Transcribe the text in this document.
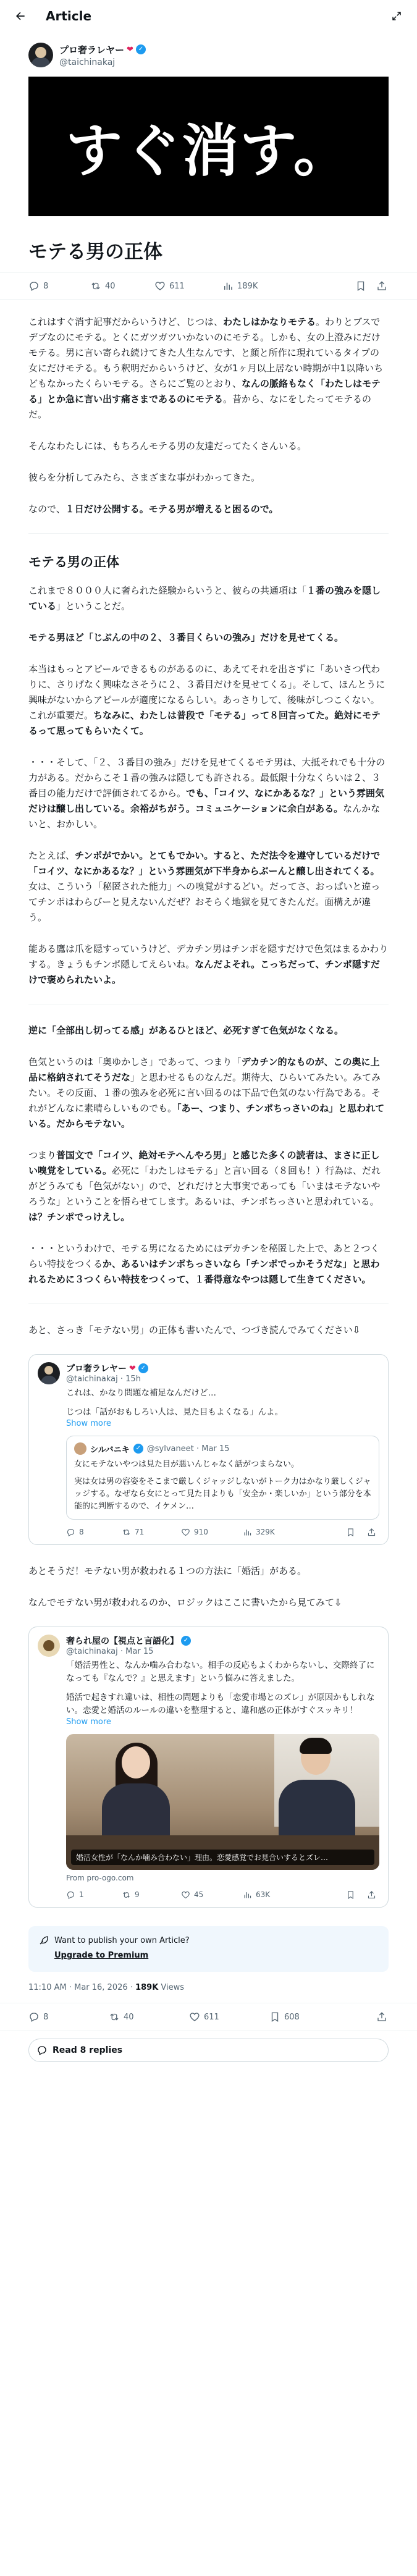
Article
プロ奢ラレヤー ❤ ✓
@taichinakaj
すぐ消す。
モテる男の正体
8	40	611	189K

これはすぐ消す記事だからいうけど、じつは、わたしはかなりモテる。わりとブスでデブなのにモテる。とくにガツガツいかないのにモテる。しかも、女の上澄みにだけモテる。男に言い寄られ続けてきた人生なんです、と顔と所作に現れているタイプの女にだけモテる。もう釈明だからいうけど、女が1ヶ月以上居ない時期が中1以降いちどもなかったくらいモテる。さらにご覧のとおり、なんの脈絡もなく「わたしはモテる」とか急に言い出す痛さまであるのにモテる。昔から、なにをしたってモテるのだ。

そんなわたしには、もちろんモテる男の友達だってたくさんいる。

彼らを分析してみたら、さまざまな事がわかってきた。

なので、１日だけ公開する。モテる男が増えると困るので。

モテる男の正体

これまで８０００人に奢られた経験からいうと、彼らの共通項は「１番の強みを隠している」ということだ。

モテる男ほど「じぶんの中の２、３番目くらいの強み」だけを見せてくる。

本当はもっとアピールできるものがあるのに、あえてそれを出さずに「あいさつ代わりに、さりげなく興味なさそうに２、３番目だけを見せてくる」。そして、ほんとうに興味がないからアピールが適度になるらしい。あっさりして、後味がしつこくない。これが重要だ。ちなみに、わたしは普段で「モテる」って８回言ってた。絶対にモテるって思ってもらいたくて。

・・・そして、「２、３番目の強み」だけを見せてくるモテ男は、大抵それでも十分の力がある。だからこそ１番の強みは隠しても許される。最低限十分なくらいは２、３番目の能力だけで評価されてるから。でも、「コイツ、なにかあるな？」という雰囲気だけは醸し出している。余裕がちがう。コミュニケーションに余白がある。なんかないと、おかしい。

たとえば、チンポがでかい。とてもでかい。すると、ただ法令を遵守しているだけで「コイツ、なにかあるな？」という雰囲気が下半身からぶーんと醸し出されてくる。女は、こういう「秘匿された能力」への嗅覚がするどい。だってさ、おっぱいと違ってチンポはわらびーと見えないんだぜ？おそらく地獄を見てきたんだ。面構えが違う。

能ある鷹は爪を隠すっていうけど、デカチン男はチンポを隠すだけで色気はまるかわりする。きょうもチンポ隠してえらいね。なんだよそれ。こっちだって、チンポ隠すだけで褒められたいよ。

逆に「全部出し切ってる感」があるひとほど、必死すぎて色気がなくなる。

色気というのは「奥ゆかしさ」であって、つまり「デカチン的なものが、この奥に上品に格納されてそうだな」と思わせるものなんだ。期待大、ひらいてみたい。みてみたい。その反面、１番の強みを必死に言い回るのは下品で色気のない行為である。それがどんなに素晴らしいものでも。「あー、つまり、チンポちっさいのね」と思われている。だからモテない。

つまり普国文で「コイツ、絶対モテへんやろ男」と感じた多くの読者は、まさに正しい嗅覚をしている。必死に「わたしはモテる」と言い回る（８回も！）行為は、だれがどうみても「色気がない」ので、どれだけと大事実であっても「いまはモテないやろうな」ということを悟らせてします。あるいは、チンポちっさいと思われている。は？チンポでっけえし。

・・・というわけで、モテる男になるためにはデカチンを秘匿した上で、あと２つくらい特技をつくるか、あるいはチンポちっさいなら「チンポでっかそうだな」と思われるために３つくらい特技をつくって、１番得意なやつは隠して生きてください。

あと、さっき「モテない男」の正体も書いたんで、つづき読んでみてください⇩

プロ奢ラレヤー ❤ ✓
@taichinakaj · 15h
これは、かなり問題な補足なんだけど…
じつは「話がおもしろい人は、見た目もよくなる」んよ。
Show more
シルバニキ ✓ @sylvaneet · Mar 15
女にモテないやつは見た目が悪いんじゃなく話がつまらない。
実は女は男の容姿をそこまで厳しくジャッジしないがトーク力はかなり厳しくジャッジする。なぜなら女にとって見た目よりも「安全か・楽しいか」という部分を本能的に判断するので、イケメン…
8	71	910	329K

あとそうだ！モテない男が救われる１つの方法に「婚活」がある。

なんでモテない男が救われるのか、ロジックはここに書いたから見てみて⇩

奢られ屋の【視点と言語化】 ✓
@taichinakaj · Mar 15
「婚活男性と、なんか噛み合わない。相手の反応もよくわからないし、交際終了になっても『なんで？』と思えます」という悩みに答えました。
婚活で起きすれ違いは、相性の問題よりも「恋愛市場とのズレ」が原因かもしれない。恋愛と婚活のルールの違いを整理すると、違和感の正体がすぐスッキリ！
Show more
婚活女性が「なんか噛み合わない」理由。恋愛感覚でお見合いするとズレ…
From pro-ogo.com
1	9	45	63K
Want to publish your own Article?
Upgrade to Premium
11:10 AM · Mar 16, 2026 · 189K Views
8	40	611	608
Read 8 replies
